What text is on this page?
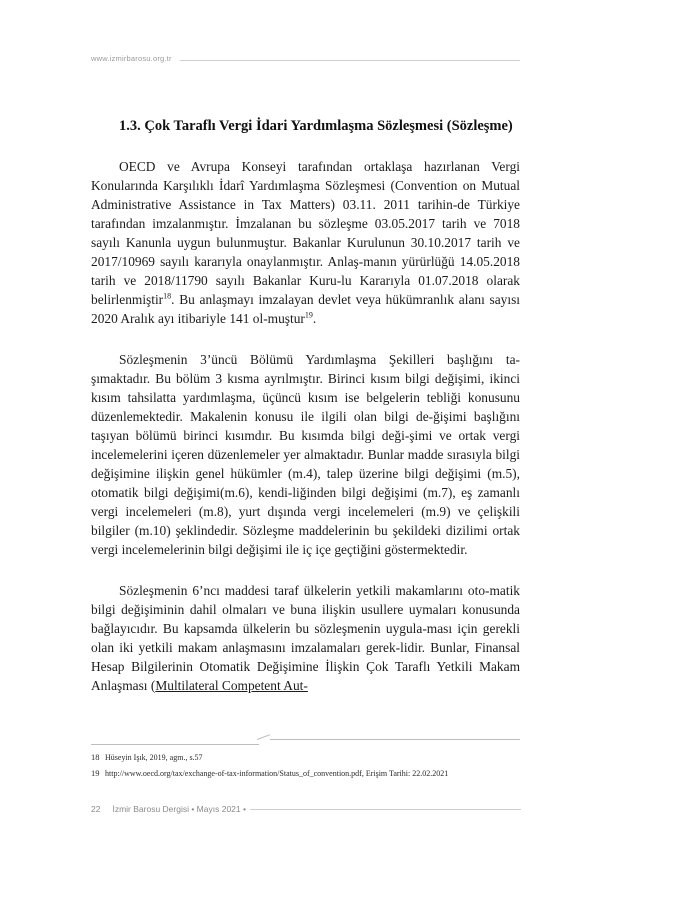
www.izmirbarosu.org.tr
1.3. Çok Taraflı Vergi İdari Yardımlaşma Sözleşmesi (Sözleşme)

OECD ve Avrupa Konseyi tarafından ortaklaşa hazırlanan Vergi Konularında Karşılıklı İdarî Yardımlaşma Sözleşmesi (Convention on Mutual Administrative Assistance in Tax Matters) 03.11. 2011 tarihin-de Türkiye tarafından imzalanmıştır. İmzalanan bu sözleşme 03.05.2017 tarih ve 7018 sayılı Kanunla uygun bulunmuştur. Bakanlar Kurulunun 30.10.2017 tarih ve 2017/10969 sayılı kararıyla onaylanmıştır. Anlaş-manın yürürlüğü 14.05.2018 tarih ve 2018/11790 sayılı Bakanlar Kuru-lu Kararıyla 01.07.2018 olarak belirlenmiştir$^{18}$. Bu anlaşmayı imzalayan devlet veya hükümranlık alanı sayısı 2020 Aralık ayı itibariyle 141 ol-muştur$^{19}$.

Sözleşmenin 3’üncü Bölümü Yardımlaşma Şekilleri başlığını ta-şımaktadır. Bu bölüm 3 kısma ayrılmıştır. Birinci kısım bilgi değişimi, ikinci kısım tahsilatta yardımlaşma, üçüncü kısım ise belgelerin tebliği konusunu düzenlemektedir. Makalenin konusu ile ilgili olan bilgi de-ğişimi başlığını taşıyan bölümü birinci kısımdır. Bu kısımda bilgi deği-şimi ve ortak vergi incelemelerini içeren düzenlemeler yer almaktadır. Bunlar madde sırasıyla bilgi değişimine ilişkin genel hükümler (m.4), talep üzerine bilgi değişimi (m.5), otomatik bilgi değişimi(m.6), kendi-liğinden bilgi değişimi (m.7), eş zamanlı vergi incelemeleri (m.8), yurt dışında vergi incelemeleri (m.9) ve çelişkili bilgiler (m.10) şeklindedir. Sözleşme maddelerinin bu şekildeki dizilimi ortak vergi incelemelerinin bilgi değişimi ile iç içe geçtiğini göstermektedir.

Sözleşmenin 6’ncı maddesi taraf ülkelerin yetkili makamlarını oto-matik bilgi değişiminin dahil olmaları ve buna ilişkin usullere uymaları konusunda bağlayıcıdır. Bu kapsamda ülkelerin bu sözleşmenin uygula-ması için gerekli olan iki yetkili makam anlaşmasını imzalamaları gerek-lidir. Bunlar, Finansal Hesap Bilgilerinin Otomatik Değişimine İlişkin Çok Taraflı Yetkili Makam Anlaşması (Multilateral Competent Aut-

18 Hüseyin Işık, 2019, agm., s.57
19 http://www.oecd.org/tax/exchange-of-tax-information/Status_of_convention.pdf, Erişim Tarihi: 22.02.2021
22 İzmir Barosu Dergisi • Mayıs 2021 •
